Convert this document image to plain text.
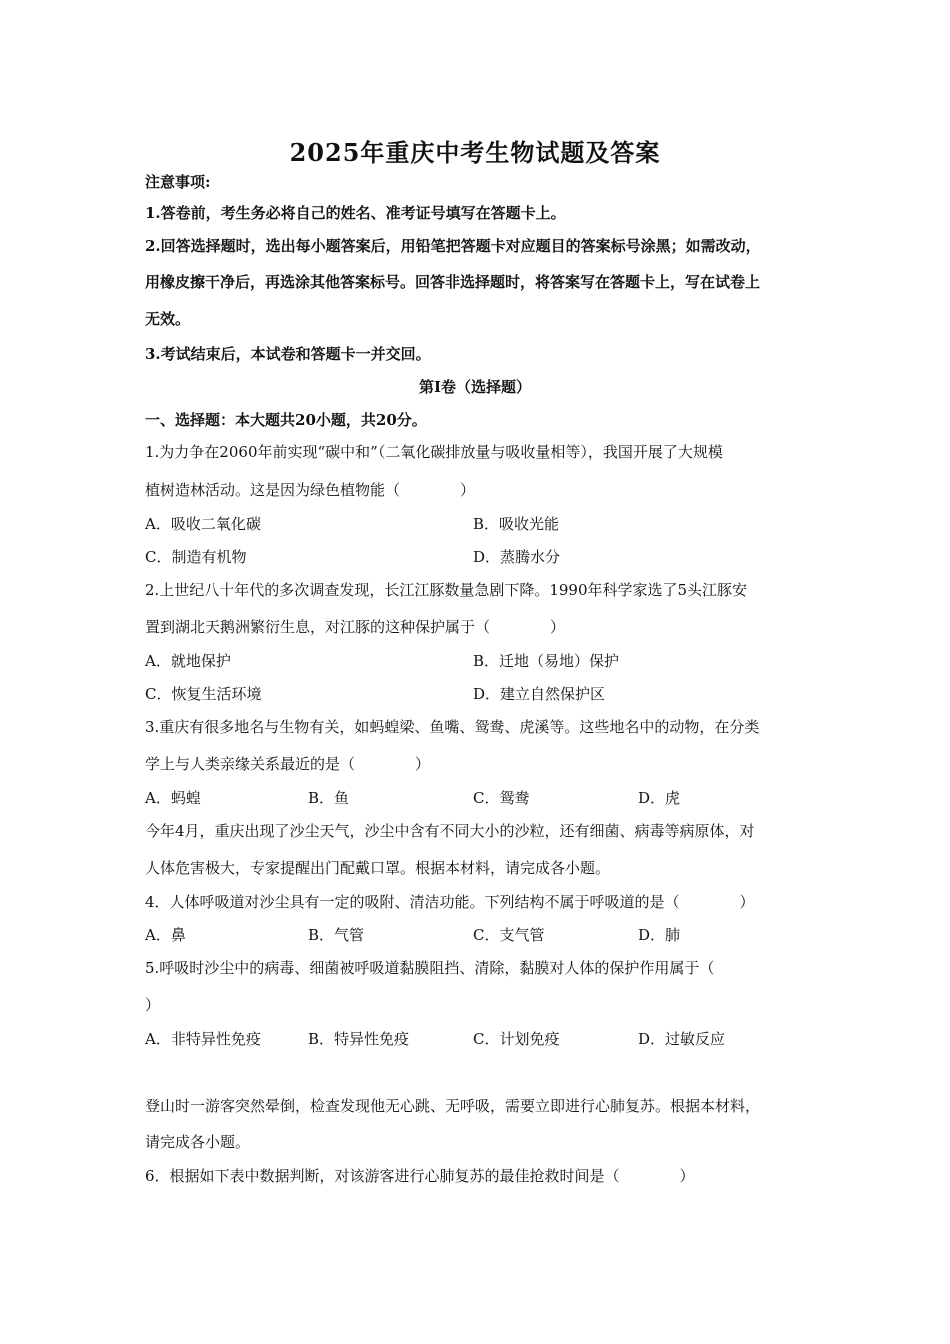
2025年重庆中考生物试题及答案
注意事项:
1.答卷前，考生务必将自己的姓名、准考证号填写在答题卡上。
2.回答选择题时，选出每小题答案后，用铅笔把答题卡对应题目的答案标号涂黑；如需改动，
用橡皮擦干净后，再选涂其他答案标号。回答非选择题时，将答案写在答题卡上，写在试卷上
无效。
3.考试结束后，本试卷和答题卡一并交回。
第I卷（选择题）
一、选择题：本大题共20小题，共20分。
1.为力争在2060年前实现“碳中和”（二氧化碳排放量与吸收量相等），我国开展了大规模
植树造林活动。这是因为绿色植物能（　　　　）
A．吸收二氧化碳	B．吸收光能
C．制造有机物	D．蒸腾水分
2.上世纪八十年代的多次调查发现，长江江豚数量急剧下降。1990年科学家选了5头江豚安
置到湖北天鹅洲繁衍生息，对江豚的这种保护属于（　　　　）
A．就地保护	B．迁地（易地）保护
C．恢复生活环境	D．建立自然保护区
3.重庆有很多地名与生物有关，如蚂蝗梁、鱼嘴、鸳鸯、虎溪等。这些地名中的动物，在分类
学上与人类亲缘关系最近的是（　　　　）
A．蚂蝗	B．鱼	C．鸳鸯	D．虎
今年4月，重庆出现了沙尘天气，沙尘中含有不同大小的沙粒，还有细菌、病毒等病原体，对
人体危害极大，专家提醒出门配戴口罩。根据本材料，请完成各小题。
4．人体呼吸道对沙尘具有一定的吸附、清洁功能。下列结构不属于呼吸道的是（　　　　）
A．鼻	B．气管	C．支气管	D．肺
5.呼吸时沙尘中的病毒、细菌被呼吸道黏膜阻挡、清除，黏膜对人体的保护作用属于（
）
A．非特异性免疫	B．特异性免疫	C．计划免疫	D．过敏反应
登山时一游客突然晕倒，检查发现他无心跳、无呼吸，需要立即进行心肺复苏。根据本材料，
请完成各小题。
6．根据如下表中数据判断，对该游客进行心肺复苏的最佳抢救时间是（　　　　）
